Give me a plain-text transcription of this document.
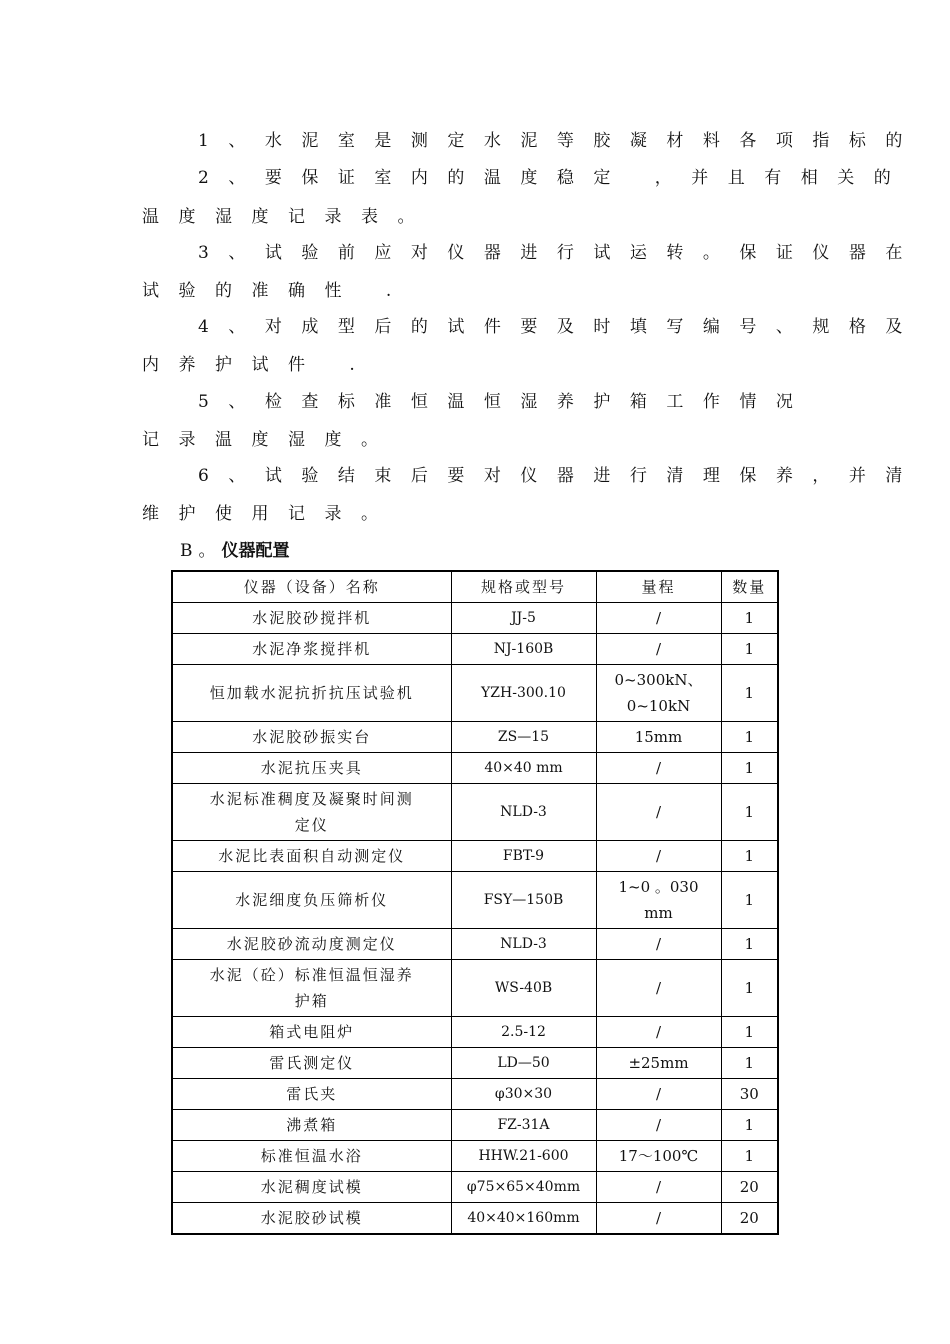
1、水泥室是测定水泥等胶凝材料各项指标的
2、要保证室内的温度稳定 ，并且有相关的
温度湿度记录表。
3、试验前应对仪器进行试运转。保证仪器在
试验的准确性 .
4、对成型后的试件要及时填写编号、规格及
内养护试件 .
5、检查标准恒温恒湿养护箱工作情况
记录温度湿度。
6、试验结束后要对仪器进行清理保养，并清
维护使用记录。
B。仪器配置
仪器（设备）名称	规格或型号	量程	数量
水泥胶砂搅拌机	JJ-5	/	1
水泥净浆搅拌机	NJ-160B	/	1
恒加载水泥抗折抗压试验机	YZH-300.10	0~300kN、0~10kN	1
水泥胶砂振实台	ZS—15	15mm	1
水泥抗压夹具	40×40 mm	/	1
水泥标准稠度及凝聚时间测定仪	NLD-3	/	1
水泥比表面积自动测定仪	FBT-9	/	1
水泥细度负压筛析仪	FSY—150B	1~0 。030mm	1
水泥胶砂流动度测定仪	NLD-3	/	1
水泥（砼）标准恒温恒湿养护箱	WS-40B	/	1
箱式电阻炉	2.5-12	/	1
雷氏测定仪	LD—50	±25mm	1
雷氏夹	φ30×30	/	30
沸煮箱	FZ-31A	/	1
标准恒温水浴	HHW.21-600	17～100℃	1
水泥稠度试模	φ75×65×40mm	/	20
水泥胶砂试模	40×40×160mm	/	20
